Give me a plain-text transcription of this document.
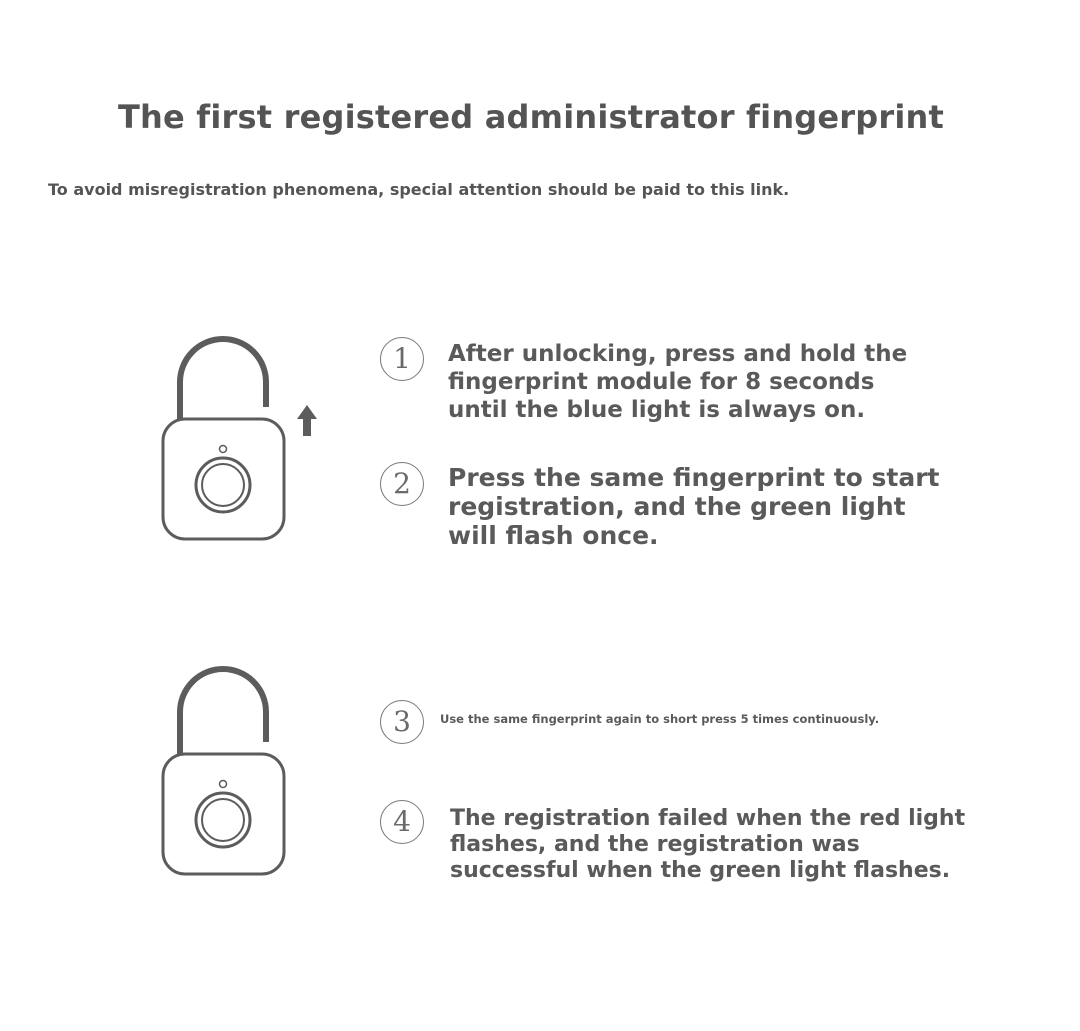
The first registered administrator fingerprint
To avoid misregistration phenomena, special attention should be paid to this link.
1	After unlocking, press and hold the
fingerprint module for 8 seconds
until the blue light is always on.
2	Press the same fingerprint to start
registration, and the green light
will flash once.
3	Use the same fingerprint again to short press 5 times continuously.
4	The registration failed when the red light
flashes, and the registration was
successful when the green light flashes.
